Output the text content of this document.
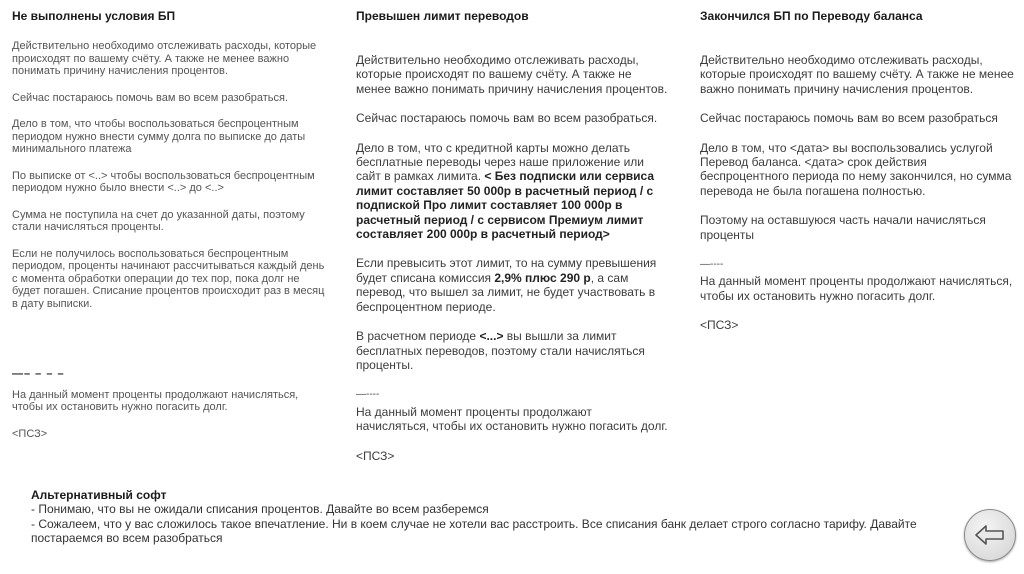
Не выполнены условия БП

Действительно необходимо отслеживать расходы, которые происходят по вашему счёту. А также не менее важно понимать причину начисления процентов.

Сейчас постараюсь помочь вам во всем разобраться.

Дело в том, что чтобы воспользоваться беспроцентным периодом нужно внести сумму долга по выписке до даты минимального платежа

По выписке от <..> чтобы воспользоваться беспроцентным периодом нужно было внести <..> до <..>

Сумма не поступила на счет до указанной даты, поэтому стали начисляться проценты.

Если не получилось воспользоваться беспроцентным периодом, проценты начинают рассчитываться каждый день с момента обработки операции до тех пор, пока долг не будет погашен. Списание процентов происходит раз в месяц в дату выписки.

—– – – –

На данный момент проценты продолжают начисляться, чтобы их остановить нужно погасить долг.

<ПСЗ>

Превышен лимит переводов

Действительно необходимо отслеживать расходы, которые происходят по вашему счёту. А также не менее важно понимать причину начисления процентов.

Сейчас постараюсь помочь вам во всем разобраться.

Дело в том, что с кредитной карты можно делать бесплатные переводы через наше приложение или сайт в рамках лимита. < Без подписки или сервиса лимит составляет 50 000р в расчетный период / с подпиской Про лимит составляет 100 000р в расчетный период / с сервисом Премиум лимит составляет 200 000р в расчетный период>

Если превысить этот лимит, то на сумму превышения будет списана комиссия 2,9% плюс 290 р, а сам перевод, что вышел за лимит, не будет участвовать в беспроцентном периоде.

В расчетном периоде <...> вы вышли за лимит бесплатных переводов, поэтому стали начисляться проценты.

—----

На данный момент проценты продолжают начисляться, чтобы их остановить нужно погасить долг.

<ПСЗ>

Закончился БП по Переводу баланса

Действительно необходимо отслеживать расходы, которые происходят по вашему счёту. А также не менее важно понимать причину начисления процентов.

Сейчас постараюсь помочь вам во всем разобраться

Дело в том, что <дата> вы воспользовались услугой Перевод баланса. <дата> срок действия беспроцентного периода по нему закончился, но сумма перевода не была погашена полностью.

Поэтому на оставшуюся часть начали начисляться проценты

—----

На данный момент проценты продолжают начисляться, чтобы их остановить нужно погасить долг.

<ПСЗ>

Альтернативный софт
- Понимаю, что вы не ожидали списания процентов. Давайте во всем разберемся
- Сожалеем, что у вас сложилось такое впечатление. Ни в коем случае не хотели вас расстроить. Все списания банк делает строго согласно тарифу. Давайте постараемся во всем разобраться
